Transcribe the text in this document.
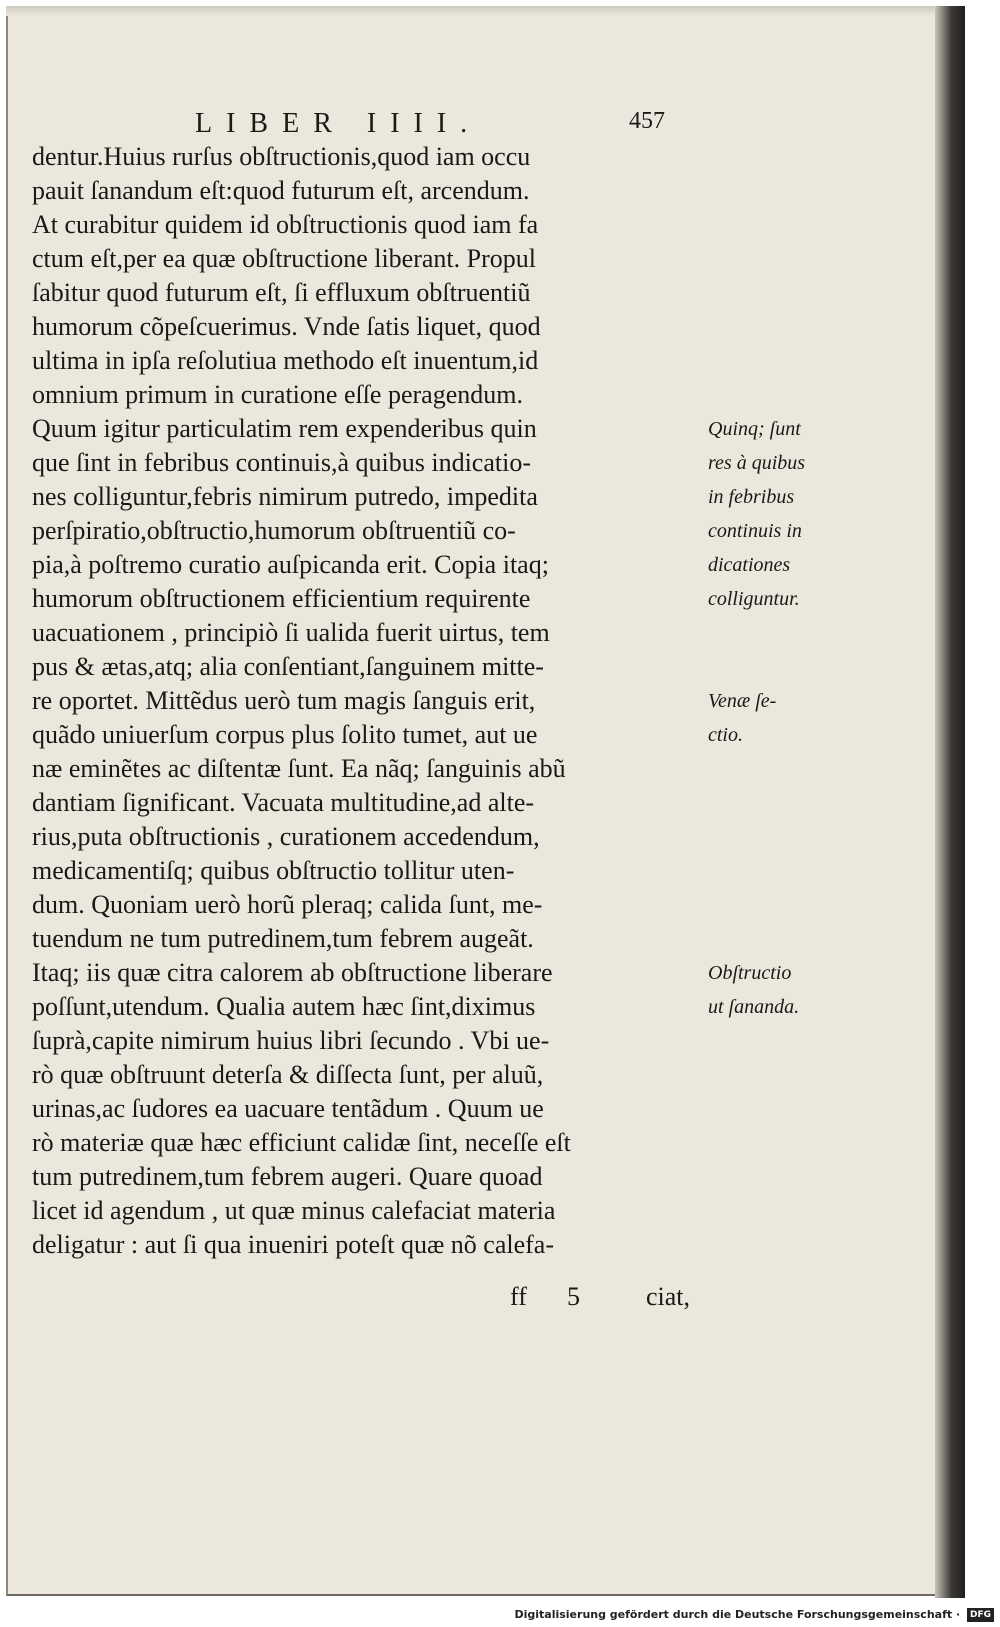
LIBER IIII.	457
dentur.Huius rurſus obſtructionis,quod iam occu
pauit ſanandum eſt:quod futurum eſt, arcendum.
At curabitur quidem id obſtructionis quod iam fa
ctum eſt,per ea quæ obſtructione liberant. Propul
ſabitur quod futurum eſt, ſi effluxum obſtruentiũ
humorum cõpeſcuerimus. Vnde ſatis liquet, quod
ultima in ipſa reſolutiua methodo eſt inuentum,id
omnium primum in curatione eſſe peragendum.
Quum igitur particulatim rem expenderibus quin
que ſint in febribus continuis,à quibus indicatio-
nes colliguntur,febris nimirum putredo, impedita
perſpiratio,obſtructio,humorum obſtruentiũ co-
pia,à poſtremo curatio auſpicanda erit. Copia itaq;
humorum obſtructionem efficientium requirente
uacuationem , principiò ſi ualida fuerit uirtus, tem
pus & ætas,atq; alia conſentiant,ſanguinem mitte-
re oportet. Mittẽdus uerò tum magis ſanguis erit,
quãdo uniuerſum corpus plus ſolito tumet, aut ue
næ eminẽtes ac diſtentæ ſunt. Ea nãq; ſanguinis abũ
dantiam ſignificant. Vacuata multitudine,ad alte-
rius,puta obſtructionis , curationem accedendum,
medicamentiſq; quibus obſtructio tollitur uten-
dum. Quoniam uerò horũ pleraq; calida ſunt, me-
tuendum ne tum putredinem,tum febrem augeãt.
Itaq; iis quæ citra calorem ab obſtructione liberare
poſſunt,utendum. Qualia autem hæc ſint,diximus
ſuprà,capite nimirum huius libri ſecundo . Vbi ue-
rò quæ obſtruunt deterſa & diſſecta ſunt, per aluũ,
urinas,ac ſudores ea uacuare tentãdum . Quum ue
rò materiæ quæ hæc efficiunt calidæ ſint, neceſſe eſt
tum putredinem,tum febrem augeri. Quare quoad
licet id agendum , ut quæ minus calefaciat materia
deligatur : aut ſi qua inueniri poteſt quæ nõ calefa-
Quinq; ſunt
res à quibus
in febribus
continuis in
dicationes
colliguntur.
Venæ ſe-
ctio.
Obſtructio
ut ſananda.
ff 5	ciat,
Digitalisierung gefördert durch die Deutsche Forschungsgemeinschaft · DFG
